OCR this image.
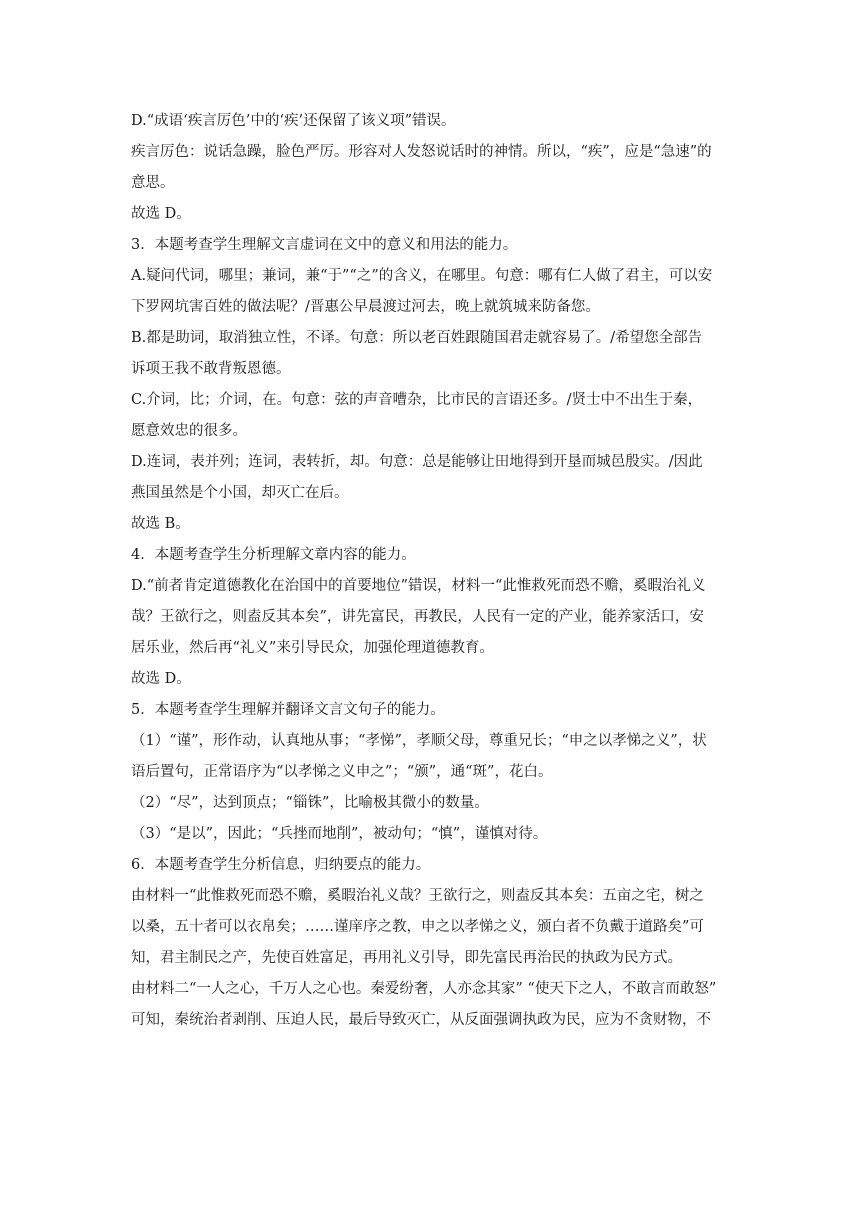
D.“成语‘疾言厉色’中的‘疾’还保留了该义项”错误。

疾言厉色：说话急躁，脸色严厉。形容对人发怒说话时的神情。所以，“疾”，应是“急速”的

意思。

故选 D。

3．本题考查学生理解文言虚词在文中的意义和用法的能力。

A.疑问代词，哪里；兼词，兼“于”“之”的含义，在哪里。句意：哪有仁人做了君主，可以安

下罗网坑害百姓的做法呢？/晋惠公早晨渡过河去，晚上就筑城来防备您。

B.都是助词，取消独立性，不译。句意：所以老百姓跟随国君走就容易了。/希望您全部告

诉项王我不敢背叛恩德。

C.介词，比；介词，在。句意：弦的声音嘈杂，比市民的言语还多。/贤士中不出生于秦，

愿意效忠的很多。

D.连词，表并列；连词，表转折，却。句意：总是能够让田地得到开垦而城邑殷实。/因此

燕国虽然是个小国，却灭亡在后。

故选 B。

4．本题考查学生分析理解文章内容的能力。

D.“前者肯定道德教化在治国中的首要地位”错误，材料一“此惟救死而恐不赡，奚暇治礼义

哉？王欲行之，则盍反其本矣”，讲先富民，再教民，人民有一定的产业，能养家活口，安

居乐业，然后再“礼义”来引导民众，加强伦理道德教育。

故选 D。

5．本题考查学生理解并翻译文言文句子的能力。

（1）“谨”，形作动，认真地从事；“孝悌”，孝顺父母，尊重兄长；“申之以孝悌之义”，状

语后置句，正常语序为“以孝悌之义申之”；“颁”，通“斑”，花白。

（2）“尽”，达到顶点；“锱铢”，比喻极其微小的数量。

（3）“是以”，因此；“兵挫而地削”，被动句；“慎”，谨慎对待。

6．本题考查学生分析信息，归纳要点的能力。

由材料一“此惟救死而恐不赡，奚暇治礼义哉？王欲行之，则盍反其本矣：五亩之宅，树之

以桑，五十者可以衣帛矣；……谨庠序之教，申之以孝悌之义，颁白者不负戴于道路矣”可

知，君主制民之产，先使百姓富足，再用礼义引导，即先富民再治民的执政为民方式。

由材料二“一人之心，千万人之心也。秦爱纷奢，人亦念其家” “使天下之人，不敢言而敢怒”

可知，秦统治者剥削、压迫人民，最后导致灭亡，从反面强调执政为民，应为不贪财物，不
